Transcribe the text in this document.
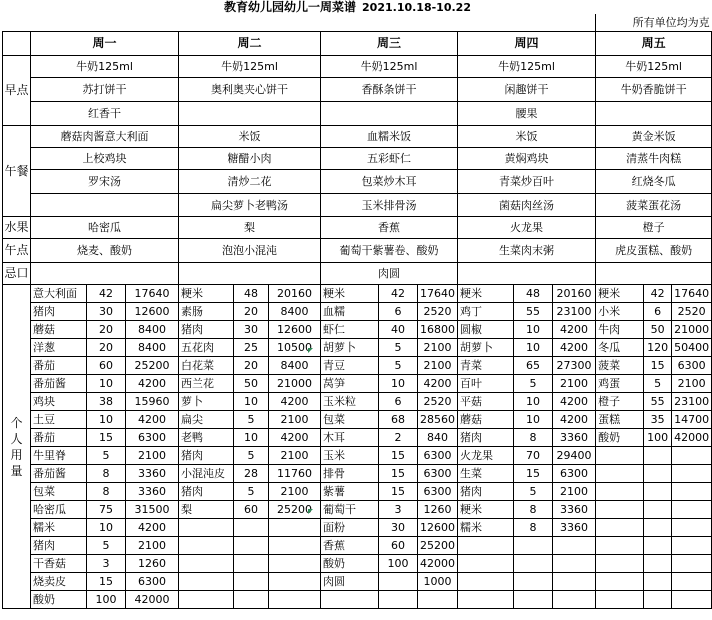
教育幼儿园幼儿一周菜谱 2021.10.18-10.22
													所有单位均为克		
	周一			周二			周三			周四			周五		
早点	牛奶125ml			牛奶125ml			牛奶125ml			牛奶125ml			牛奶125ml		
	苏打饼干			奥利奥夹心饼干			香酥条饼干			闲趣饼干			牛奶香脆饼干		
	红香干									腰果					
午餐	蘑菇肉酱意大利面			米饭			血糯米饭			米饭			黄金米饭		
	上校鸡块			糖醋小肉			五彩虾仁			黄焖鸡块			清蒸牛肉糕		
	罗宋汤			清炒二花			包菜炒木耳			青菜炒百叶			红烧冬瓜		
				扁尖萝卜老鸭汤			玉米排骨汤			菌菇肉丝汤			菠菜蛋花汤		
水果	哈密瓜			梨			香蕉			火龙果			橙子		
午点	烧麦、酸奶			泡泡小混沌			葡萄干紫薯卷、酸奶			生菜肉末粥			虎皮蛋糕、酸奶		
忌口							肉圆								
个人用量	意大利面	42	17640	粳米	48	20160	粳米	42	17640	粳米	48	20160	粳米	42	17640
	猪肉	30	12600	素肠	20	8400	血糯	6	2520	鸡丁	55	23100	小米	6	2520
	蘑菇	20	8400	猪肉	30	12600	虾仁	40	16800	圆椒	10	4200	牛肉	50	21000
	洋葱	20	8400	五花肉	25	10500	胡萝卜	5	2100	胡萝卜	10	4200	冬瓜	120	50400
	番茄	60	25200	白花菜	20	8400	青豆	5	2100	青菜	65	27300	菠菜	15	6300
	番茄酱	10	4200	西兰花	50	21000	莴笋	10	4200	百叶	5	2100	鸡蛋	5	2100
	鸡块	38	15960	萝卜	10	4200	玉米粒	6	2520	平菇	10	4200	橙子	55	23100
	土豆	10	4200	扁尖	5	2100	包菜	68	28560	蘑菇	10	4200	蛋糕	35	14700
	番茄	15	6300	老鸭	10	4200	木耳	2	840	猪肉	8	3360	酸奶	100	42000
	牛里脊	5	2100	猪肉	5	2100	玉米	15	6300	火龙果	70	29400			
	番茄酱	8	3360	小混沌皮	28	11760	排骨	15	6300	生菜	15	6300			
	包菜	8	3360	猪肉	5	2100	紫薯	15	6300	猪肉	5	2100			
	哈密瓜	75	31500	梨	60	25200	葡萄干	3	1260	粳米	8	3360			
	糯米	10	4200				面粉	30	12600	糯米	8	3360			
	猪肉	5	2100				香蕉	60	25200						
	干香菇	3	1260				酸奶	100	42000						
	烧卖皮	15	6300				肉圆		1000						
	酸奶	100	42000												
